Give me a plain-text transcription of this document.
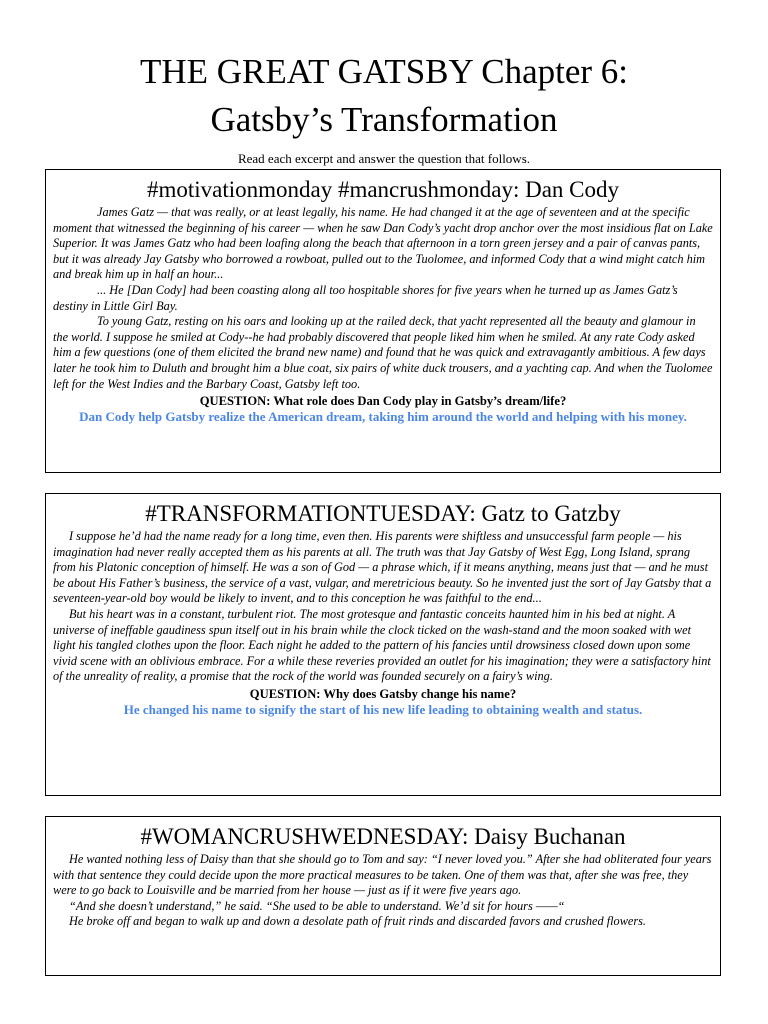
THE GREAT GATSBY Chapter 6:
Gatsby’s Transformation
Read each excerpt and answer the question that follows.
#motivationmonday #mancrushmonday: Dan Cody

James Gatz — that was really, or at least legally, his name. He had changed it at the age of seventeen and at the specific moment that witnessed the beginning of his career — when he saw Dan Cody’s yacht drop anchor over the most insidious flat on Lake Superior. It was James Gatz who had been loafing along the beach that afternoon in a torn green jersey and a pair of canvas pants, but it was already Jay Gatsby who borrowed a rowboat, pulled out to the Tuolomee, and informed Cody that a wind might catch him and break him up in half an hour...

... He [Dan Cody] had been coasting along all too hospitable shores for five years when he turned up as James Gatz’s destiny in Little Girl Bay.

To young Gatz, resting on his oars and looking up at the railed deck, that yacht represented all the beauty and glamour in the world. I suppose he smiled at Cody--he had probably discovered that people liked him when he smiled. At any rate Cody asked him a few questions (one of them elicited the brand new name) and found that he was quick and extravagantly ambitious. A few days later he took him to Duluth and brought him a blue coat, six pairs of white duck trousers, and a yachting cap. And when the Tuolomee left for the West Indies and the Barbary Coast, Gatsby left too.

QUESTION: What role does Dan Cody play in Gatsby’s dream/life?
Dan Cody help Gatsby realize the American dream, taking him around the world and helping with his money.
#TRANSFORMATIONTUESDAY: Gatz to Gatzby

I suppose he’d had the name ready for a long time, even then. His parents were shiftless and unsuccessful farm people — his imagination had never really accepted them as his parents at all. The truth was that Jay Gatsby of West Egg, Long Island, sprang from his Platonic conception of himself. He was a son of God — a phrase which, if it means anything, means just that — and he must be about His Father’s business, the service of a vast, vulgar, and meretricious beauty. So he invented just the sort of Jay Gatsby that a seventeen-year-old boy would be likely to invent, and to this conception he was faithful to the end...

But his heart was in a constant, turbulent riot. The most grotesque and fantastic conceits haunted him in his bed at night. A universe of ineffable gaudiness spun itself out in his brain while the clock ticked on the wash-stand and the moon soaked with wet light his tangled clothes upon the floor. Each night he added to the pattern of his fancies until drowsiness closed down upon some vivid scene with an oblivious embrace. For a while these reveries provided an outlet for his imagination; they were a satisfactory hint of the unreality of reality, a promise that the rock of the world was founded securely on a fairy’s wing.

QUESTION: Why does Gatsby change his name?
He changed his name to signify the start of his new life leading to obtaining wealth and status.
#WOMANCRUSHWEDNESDAY: Daisy Buchanan

He wanted nothing less of Daisy than that she should go to Tom and say: “I never loved you.” After she had obliterated four years with that sentence they could decide upon the more practical measures to be taken. One of them was that, after she was free, they were to go back to Louisville and be married from her house — just as if it were five years ago.

“And she doesn’t understand,” he said. “She used to be able to understand. We’d sit for hours ——“

He broke off and began to walk up and down a desolate path of fruit rinds and discarded favors and crushed flowers.
